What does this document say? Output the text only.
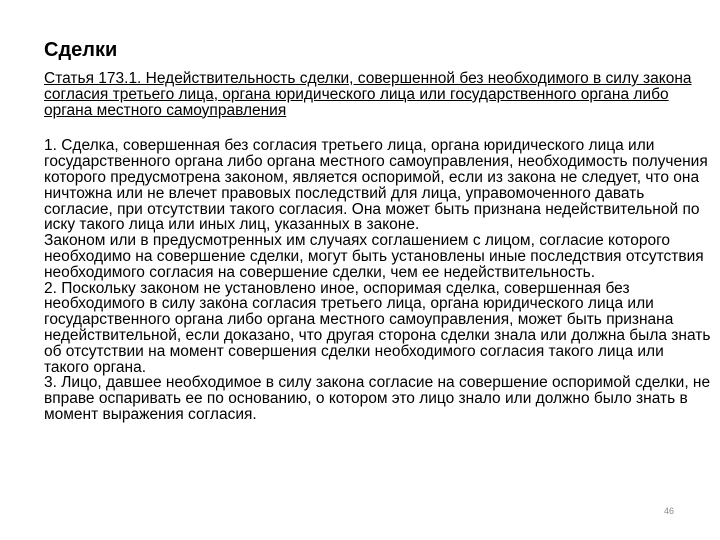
Сделки

Статья 173.1. Недействительность сделки, совершенной без необходимого в силу закона согласия третьего лица, органа юридического лица или государственного органа либо органа местного самоуправления

1. Сделка, совершенная без согласия третьего лица, органа юридического лица или государственного органа либо органа местного самоуправления, необходимость получения которого предусмотрена законом, является оспоримой, если из закона не следует, что она ничтожна или не влечет правовых последствий для лица, управомоченного давать согласие, при отсутствии такого согласия. Она может быть признана недействительной по иску такого лица или иных лиц, указанных в законе.

Законом или в предусмотренных им случаях соглашением с лицом, согласие которого необходимо на совершение сделки, могут быть установлены иные последствия отсутствия необходимого согласия на совершение сделки, чем ее недействительность.

2. Поскольку законом не установлено иное, оспоримая сделка, совершенная без необходимого в силу закона согласия третьего лица, органа юридического лица или государственного органа либо органа местного самоуправления, может быть признана недействительной, если доказано, что другая сторона сделки знала или должна была знать об отсутствии на момент совершения сделки необходимого согласия такого лица или такого органа.

3. Лицо, давшее необходимое в силу закона согласие на совершение оспоримой сделки, не вправе оспаривать ее по основанию, о котором это лицо знало или должно было знать в момент выражения согласия.

46
